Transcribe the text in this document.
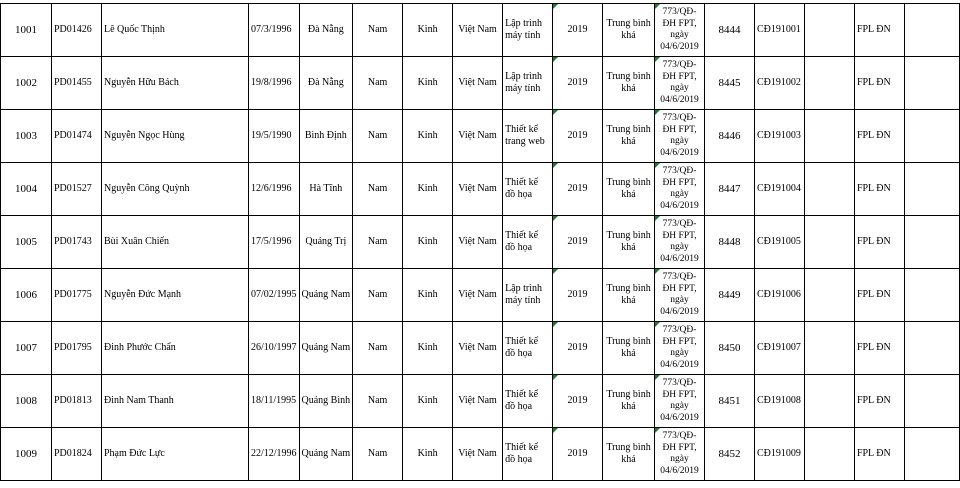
1001	PD01426	Lê Quốc Thịnh	07/3/1996	Đà Nẵng	Nam	Kinh	Việt Nam	Lập trình máy tính	2019	Trung bình khá	773/QĐ-ĐH FPT, ngày 04/6/2019	8444	CĐ191001		FPL ĐN	
1002	PD01455	Nguyễn Hữu Bách	19/8/1996	Đà Nẵng	Nam	Kinh	Việt Nam	Lập trình máy tính	2019	Trung bình khá	773/QĐ-ĐH FPT, ngày 04/6/2019	8445	CĐ191002		FPL ĐN	
1003	PD01474	Nguyễn Ngọc Hùng	19/5/1990	Bình Định	Nam	Kinh	Việt Nam	Thiết kế trang web	2019	Trung bình khá	773/QĐ-ĐH FPT, ngày 04/6/2019	8446	CĐ191003		FPL ĐN	
1004	PD01527	Nguyễn Công Quỳnh	12/6/1996	Hà Tĩnh	Nam	Kinh	Việt Nam	Thiết kế đồ họa	2019	Trung bình khá	773/QĐ-ĐH FPT, ngày 04/6/2019	8447	CĐ191004		FPL ĐN	
1005	PD01743	Bùi Xuân Chiến	17/5/1996	Quảng Trị	Nam	Kinh	Việt Nam	Thiết kế đồ họa	2019	Trung bình khá	773/QĐ-ĐH FPT, ngày 04/6/2019	8448	CĐ191005		FPL ĐN	
1006	PD01775	Nguyễn Đức Mạnh	07/02/1995	Quảng Nam	Nam	Kinh	Việt Nam	Lập trình máy tính	2019	Trung bình khá	773/QĐ-ĐH FPT, ngày 04/6/2019	8449	CĐ191006		FPL ĐN	
1007	PD01795	Đinh Phước Chẩn	26/10/1997	Quảng Nam	Nam	Kinh	Việt Nam	Thiết kế đồ họa	2019	Trung bình khá	773/QĐ-ĐH FPT, ngày 04/6/2019	8450	CĐ191007		FPL ĐN	
1008	PD01813	Đinh Nam Thanh	18/11/1995	Quảng Bình	Nam	Kinh	Việt Nam	Thiết kế đồ họa	2019	Trung bình khá	773/QĐ-ĐH FPT, ngày 04/6/2019	8451	CĐ191008		FPL ĐN	
1009	PD01824	Phạm Đức Lực	22/12/1996	Quảng Nam	Nam	Kinh	Việt Nam	Thiết kế đồ họa	2019	Trung bình khá	773/QĐ-ĐH FPT, ngày 04/6/2019	8452	CĐ191009		FPL ĐN	
